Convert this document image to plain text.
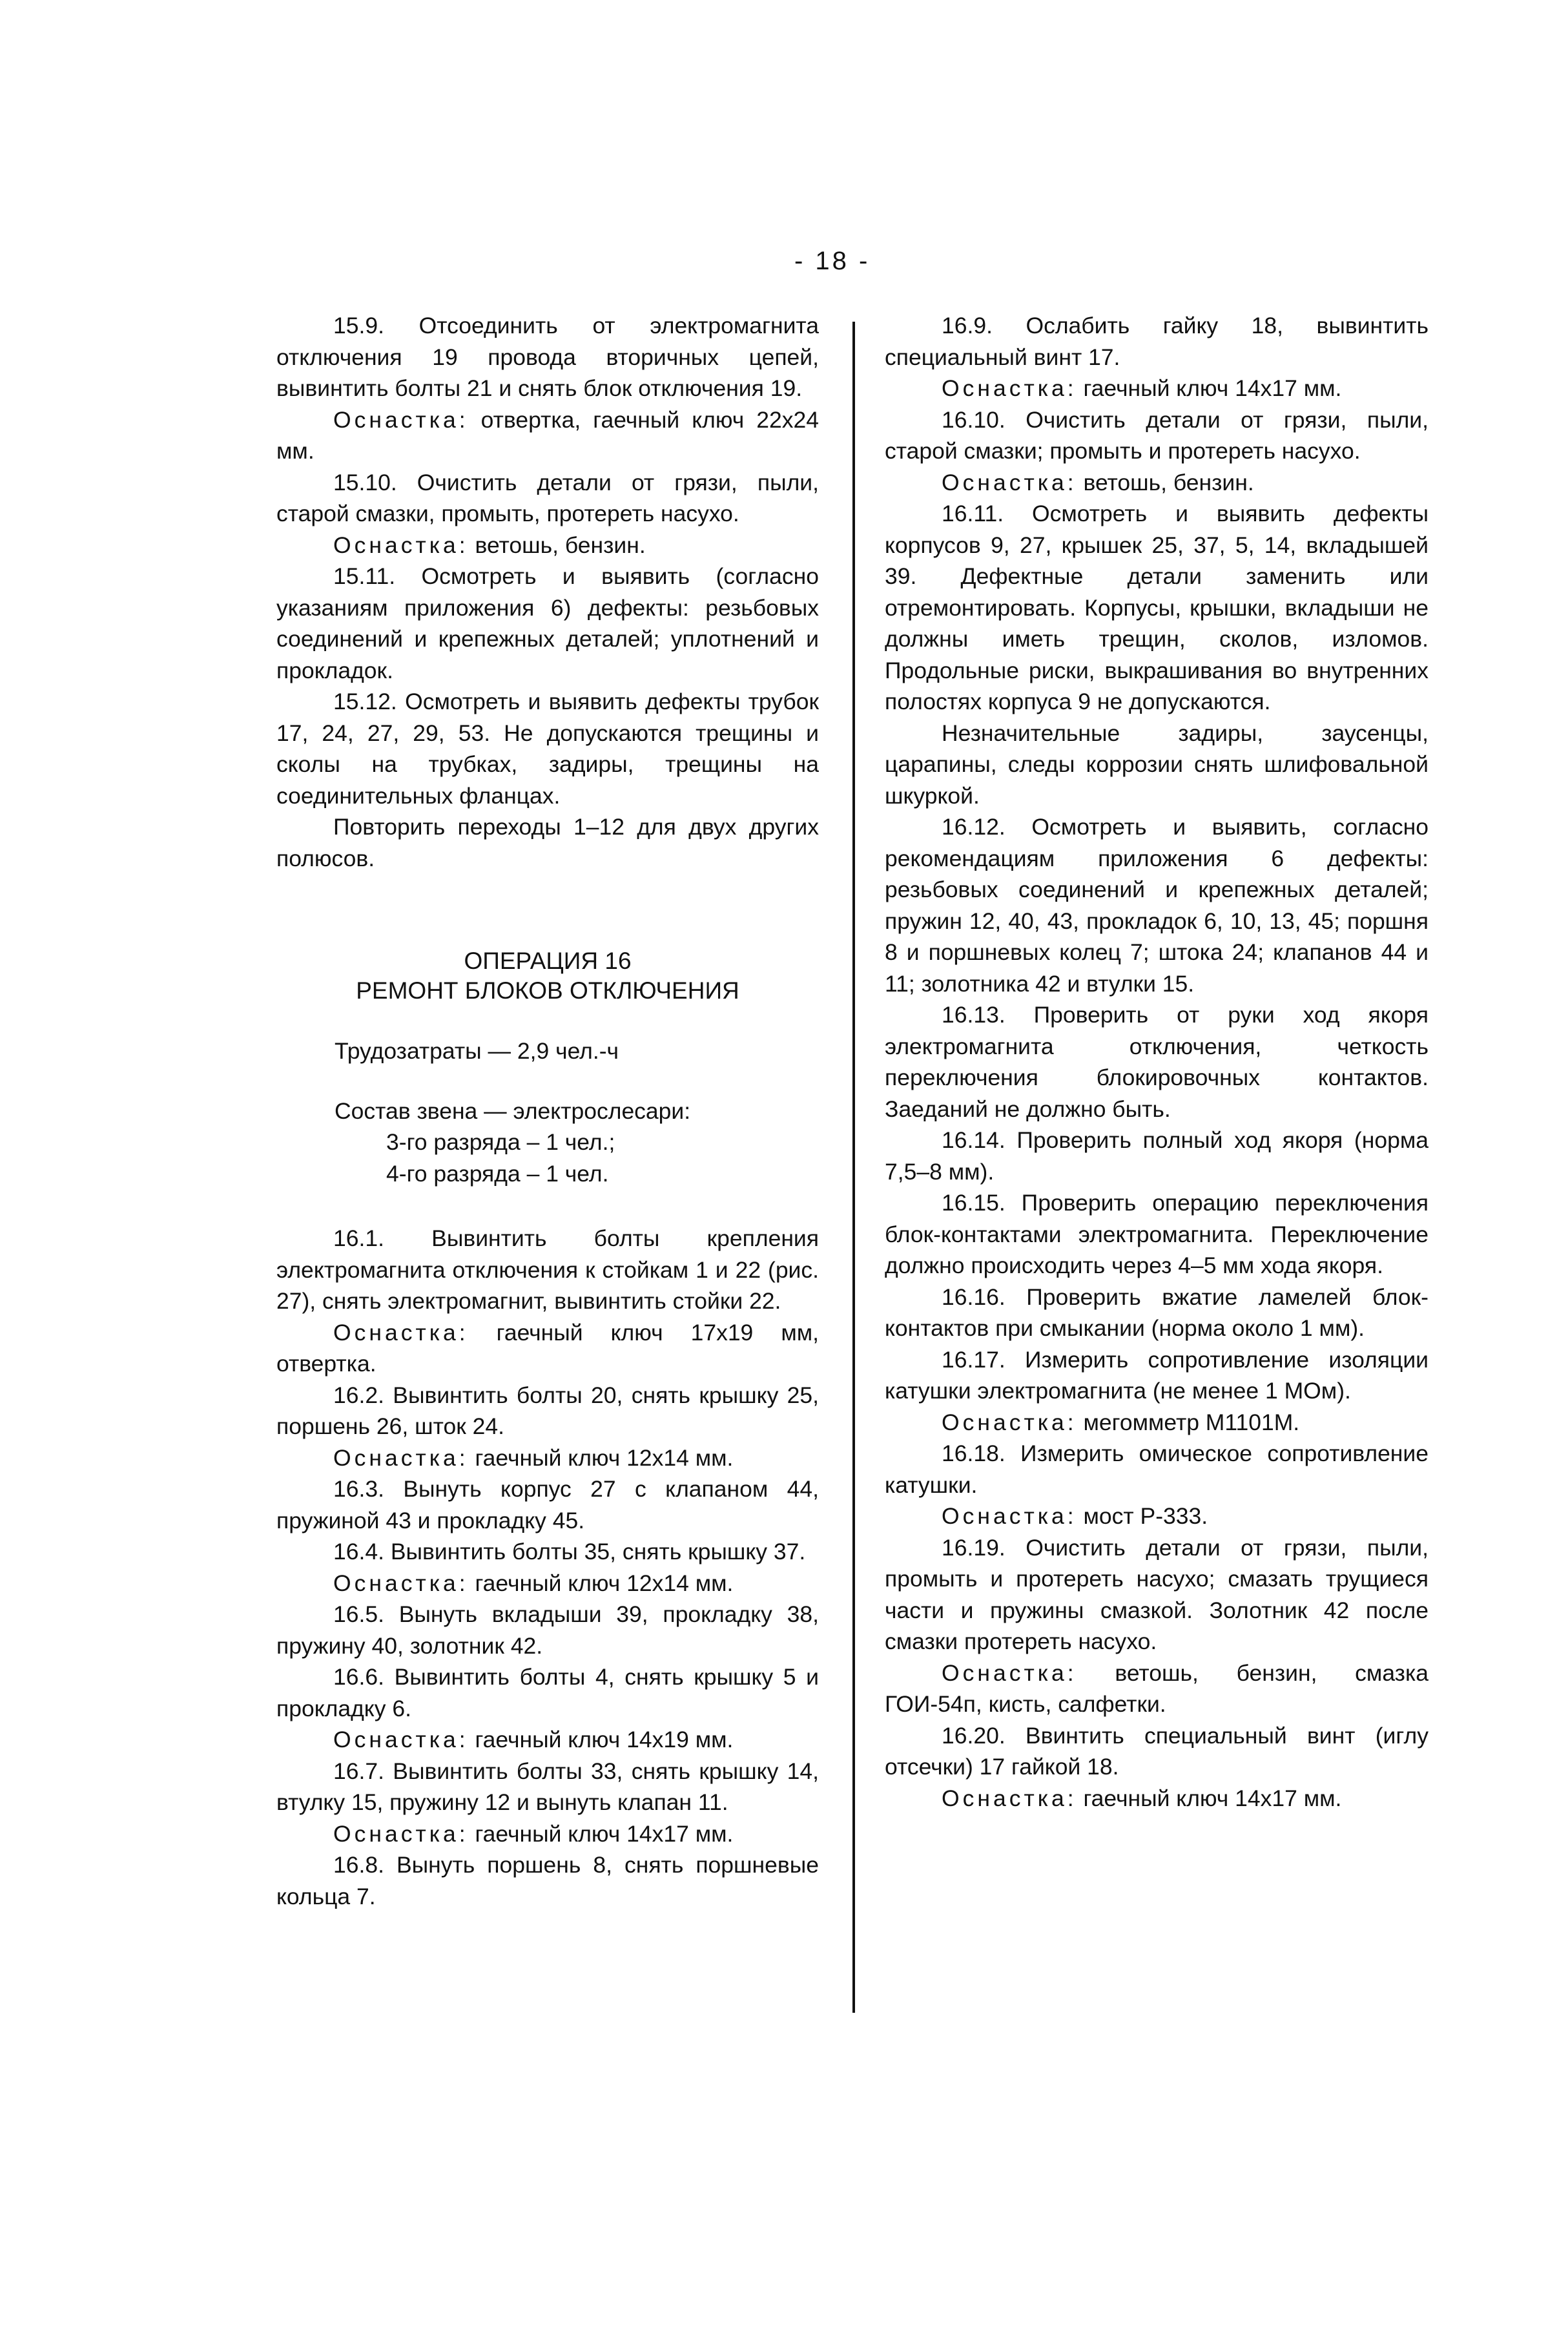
- 18 -

15.9. Отсоединить от электромагнита отключения 19 провода вторичных цепей, вывинтить болты 21 и снять блок отключения 19.

Оснастка: отвертка, гаечный ключ 22х24 мм.

15.10. Очистить детали от грязи, пыли, старой смазки, промыть, протереть насухо.

Оснастка: ветошь, бензин.

15.11. Осмотреть и выявить (согласно указаниям приложения 6) дефекты: резьбовых соединений и крепежных деталей; уплотнений и прокладок.

15.12. Осмотреть и выявить дефекты трубок 17, 24, 27, 29, 53. Не допускаются трещины и сколы на трубках, задиры, трещины на соединительных фланцах.

Повторить переходы 1–12 для двух других полюсов.

ОПЕРАЦИЯ 16
РЕМОНТ БЛОКОВ ОТКЛЮЧЕНИЯ
Трудозатраты — 2,9 чел.-ч
Состав звена — электрослесари:
3-го разряда – 1 чел.;
4-го разряда – 1 чел.

16.1. Вывинтить болты крепления электромагнита отключения к стойкам 1 и 22 (рис. 27), снять электромагнит, вывинтить стойки 22.

Оснастка: гаечный ключ 17х19 мм, отвертка.

16.2. Вывинтить болты 20, снять крышку 25, поршень 26, шток 24.

Оснастка: гаечный ключ 12х14 мм.

16.3. Вынуть корпус 27 с клапаном 44, пружиной 43 и прокладку 45.

16.4. Вывинтить болты 35, снять крышку 37.

Оснастка: гаечный ключ 12х14 мм.

16.5. Вынуть вкладыши 39, прокладку 38, пружину 40, золотник 42.

16.6. Вывинтить болты 4, снять крышку 5 и прокладку 6.

Оснастка: гаечный ключ 14х19 мм.

16.7. Вывинтить болты 33, снять крышку 14, втулку 15, пружину 12 и вынуть клапан 11.

Оснастка: гаечный ключ 14х17 мм.

16.8. Вынуть поршень 8, снять поршневые кольца 7.

16.9. Ослабить гайку 18, вывинтить специальный винт 17.

Оснастка: гаечный ключ 14х17 мм.

16.10. Очистить детали от грязи, пыли, старой смазки; промыть и протереть насухо.

Оснастка: ветошь, бензин.

16.11. Осмотреть и выявить дефекты корпусов 9, 27, крышек 25, 37, 5, 14, вкладышей 39. Дефектные детали заменить или отремонтировать. Корпусы, крышки, вкладыши не должны иметь трещин, сколов, изломов. Продольные риски, выкрашивания во внутренних полостях корпуса 9 не допускаются.

Незначительные задиры, заусенцы, царапины, следы коррозии снять шлифовальной шкуркой.

16.12. Осмотреть и выявить, согласно рекомендациям приложения 6 дефекты: резьбовых соединений и крепежных деталей; пружин 12, 40, 43, прокладок 6, 10, 13, 45; поршня 8 и поршневых колец 7; штока 24; клапанов 44 и 11; золотника 42 и втулки 15.

16.13. Проверить от руки ход якоря электромагнита отключения, четкость переключения блокировочных контактов. Заеданий не должно быть.

16.14. Проверить полный ход якоря (норма 7,5–8 мм).

16.15. Проверить операцию переключения блок-контактами электромагнита. Переключение должно происходить через 4–5 мм хода якоря.

16.16. Проверить вжатие ламелей блок-контактов при смыкании (норма около 1 мм).

16.17. Измерить сопротивление изоляции катушки электромагнита (не менее 1 МОм).

Оснастка: мегомметр М1101М.

16.18. Измерить омическое сопротивление катушки.

Оснастка: мост Р-333.

16.19. Очистить детали от грязи, пыли, промыть и протереть насухо; смазать трущиеся части и пружины смазкой. Золотник 42 после смазки протереть насухо.

Оснастка: ветошь, бензин, смазка ГОИ-54п, кисть, салфетки.

16.20. Ввинтить специальный винт (иглу отсечки) 17 гайкой 18.

Оснастка: гаечный ключ 14х17 мм.
